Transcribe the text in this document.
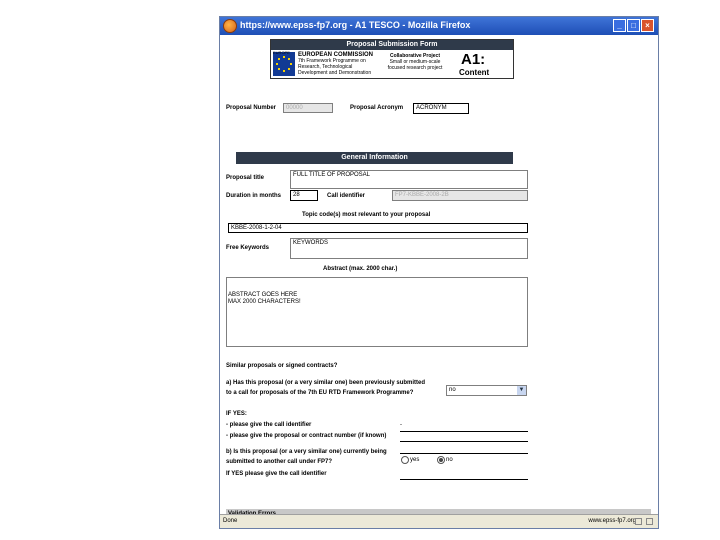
https://www.epss-fp7.org - A1 TESCO - Mozilla Firefox	_	□	×
Proposal Submission Form
EUROPE EUROPEAN COMMISSION
7th Framework Programme on
Research, Technological
Development and Demonstration
Collaborative Project
Small or medium-scale
focused research project	A1:
Content
Proposal Number	00000	Proposal Acronym	ACRONYM
General Information
Proposal title	FULL TITLE OF PROPOSAL
Duration in months	28	Call identifier	FP7-KBBE-2008-2B
Topic code(s) most relevant to your proposal
KBBE-2008-1-2-04
Free Keywords
KEYWORDS
Abstract (max. 2000 char.)
ABSTRACT GOES HERE
MAX 2000 CHARACTERS!
Similar proposals or signed contracts?
a) Has this proposal (or a very similar one) been previously submitted
to a call for proposals of the 7th EU RTD Framework Programme?	no	▼
IF YES:
- please give the call identifier	-
- please give the proposal or contract number (if known)
b) Is this proposal (or a very similar one) currently being
submitted to another call under FP7?	yes	no
If YES please give the call identifier
Done	www.epss-fp7.org
